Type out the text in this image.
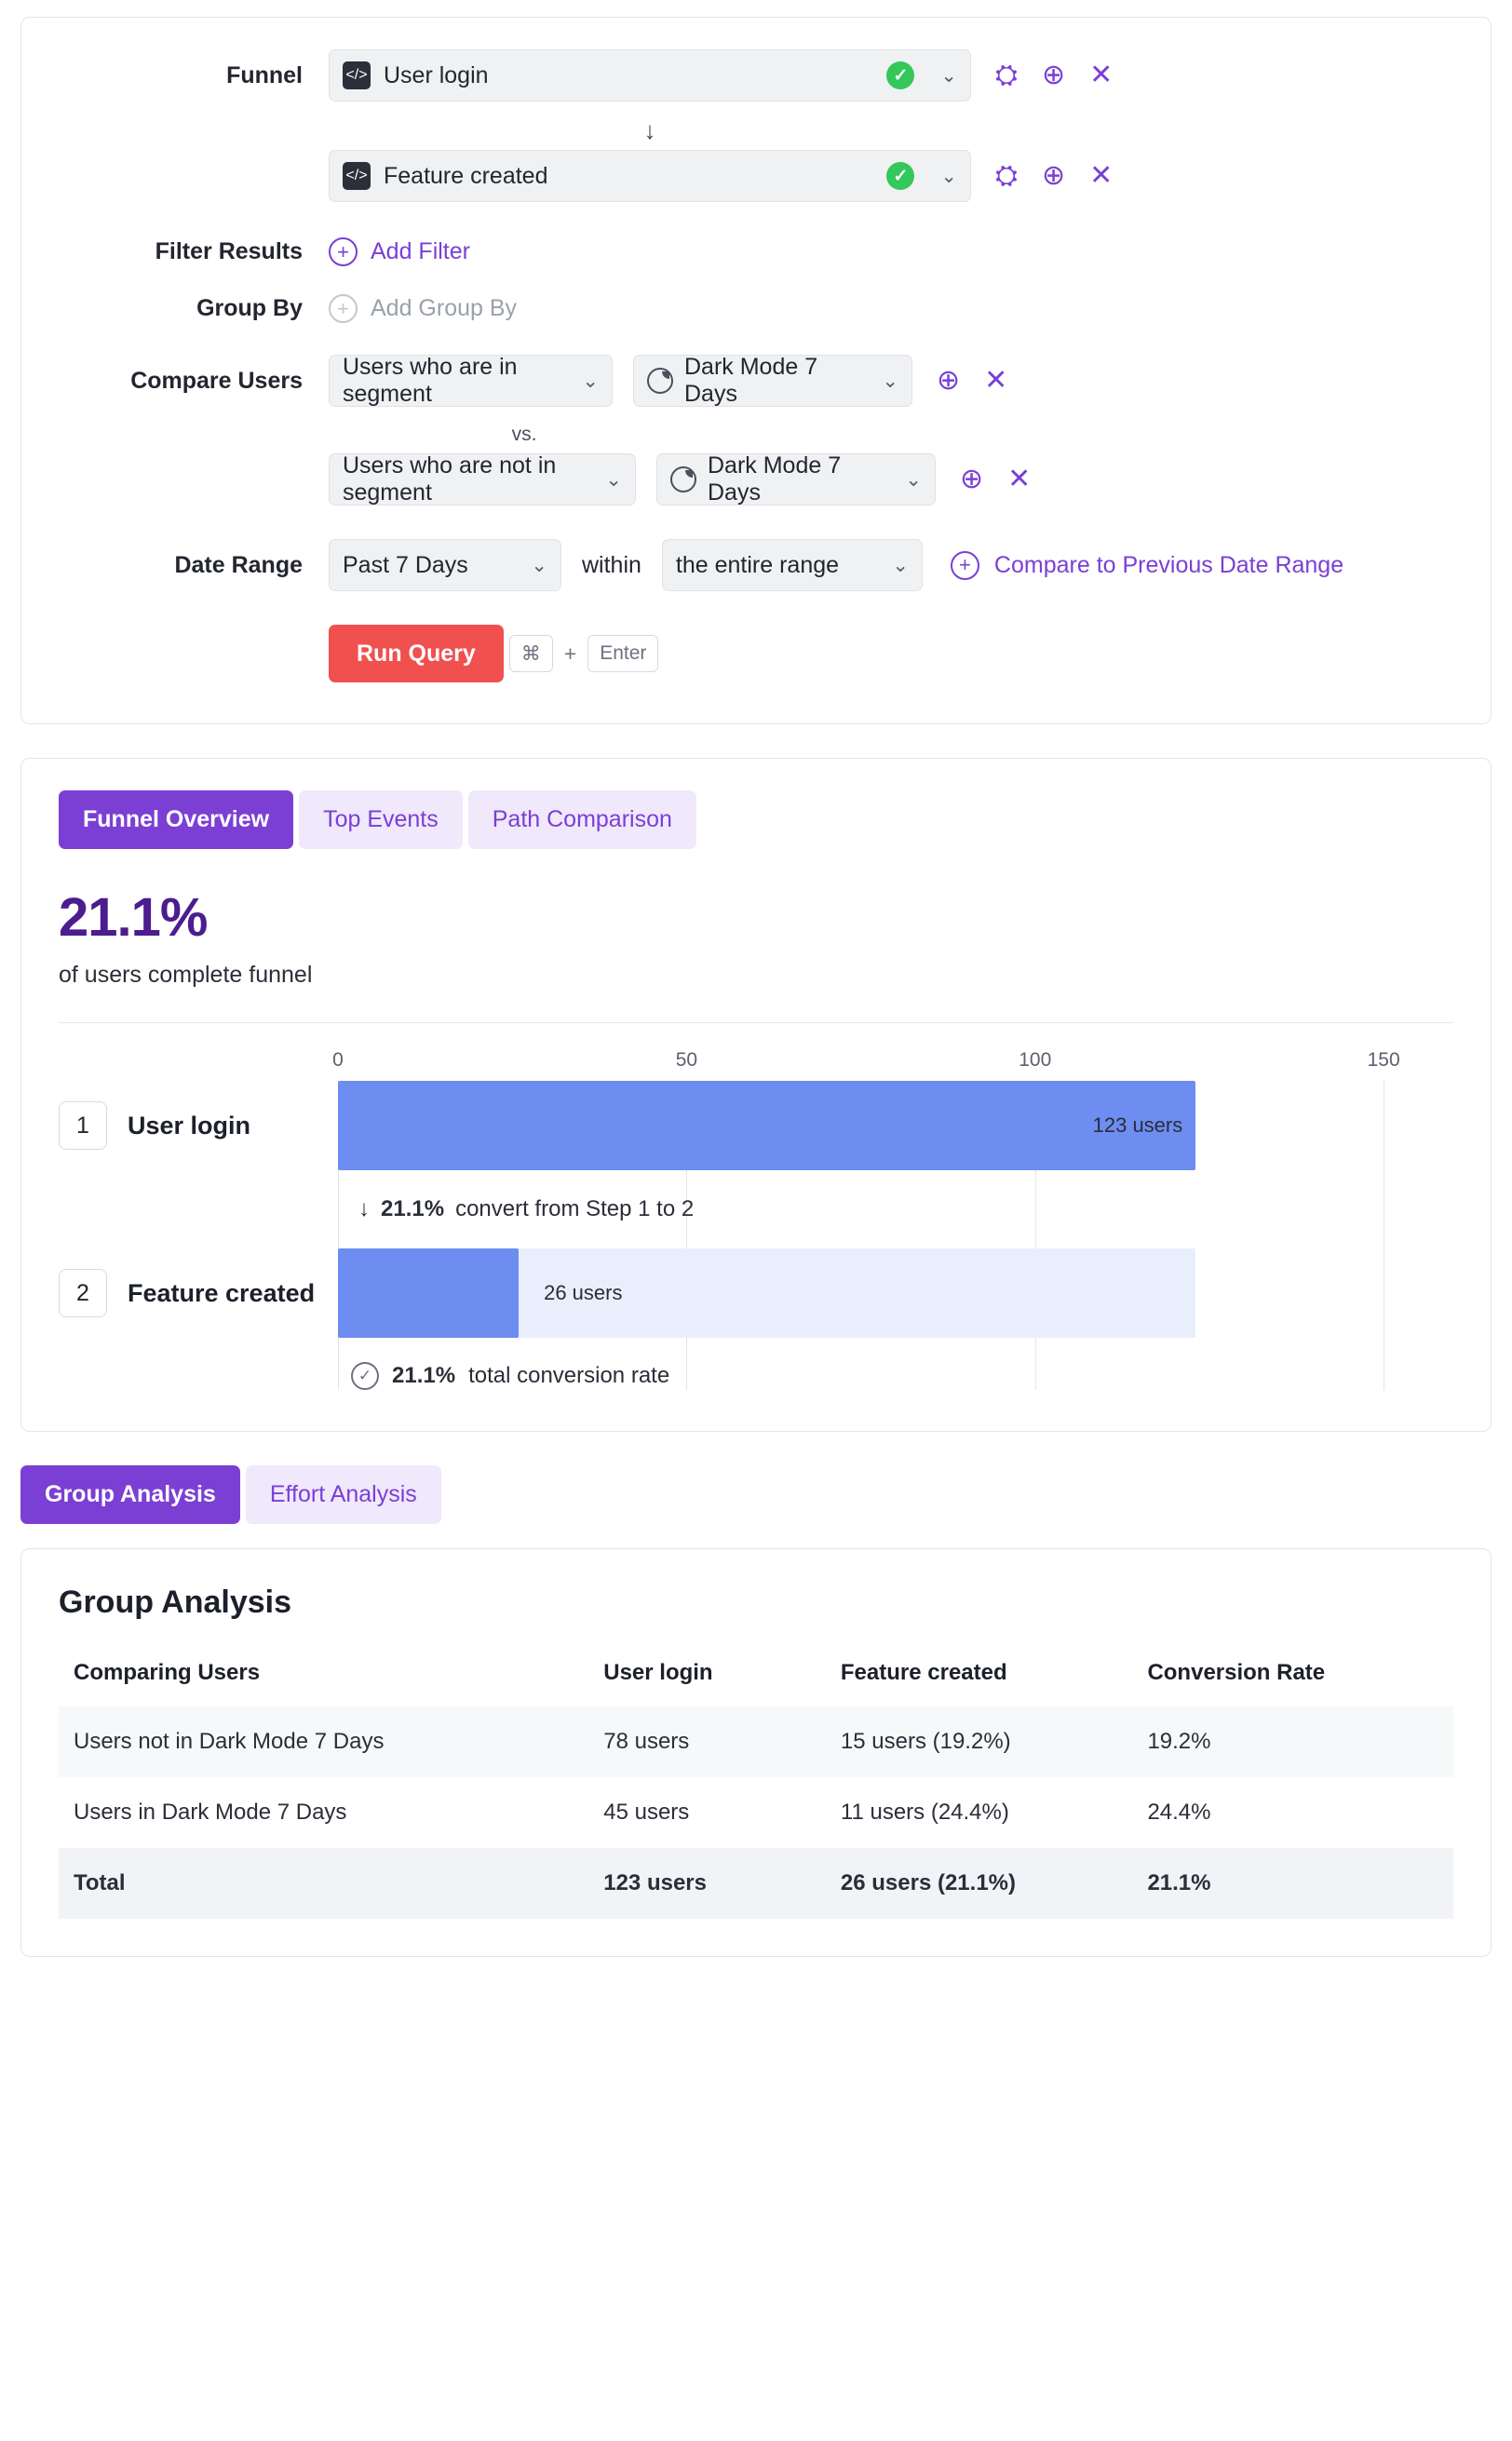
Funnel	</> User login	✓	⌄ ⛭ ⊕ ✕
↓
</> Feature created	✓	⌄ ⛭ ⊕ ✕
Filter Results	+ Add Filter
Group By	+ Add Group By
Compare Users
Users who are in segment	⌄
Dark Mode 7 Days	⌄ ⊕ ✕
vs.
Users who are not in segment	⌄
Dark Mode 7 Days	⌄ ⊕ ✕
Date Range	Past 7 Days	⌄ within the entire range	⌄	+	Compare to Previous Date Range
Run Query	⌘	+	Enter
Funnel Overview	Top Events	Path Comparison
21.1%
of users complete funnel
0	50	100	150
1	User login	123 users
↓ 21.1% convert from Step 1 to 2
2	Feature created	26 users
✓ 21.1% total conversion rate
Group Analysis	Effort Analysis
Group Analysis
Comparing Users	User login	Feature created	Conversion Rate
Users not in Dark Mode 7 Days	78 users	15 users (19.2%)	19.2%
Users in Dark Mode 7 Days	45 users	11 users (24.4%)	24.4%
Total	123 users	26 users (21.1%)	21.1%
